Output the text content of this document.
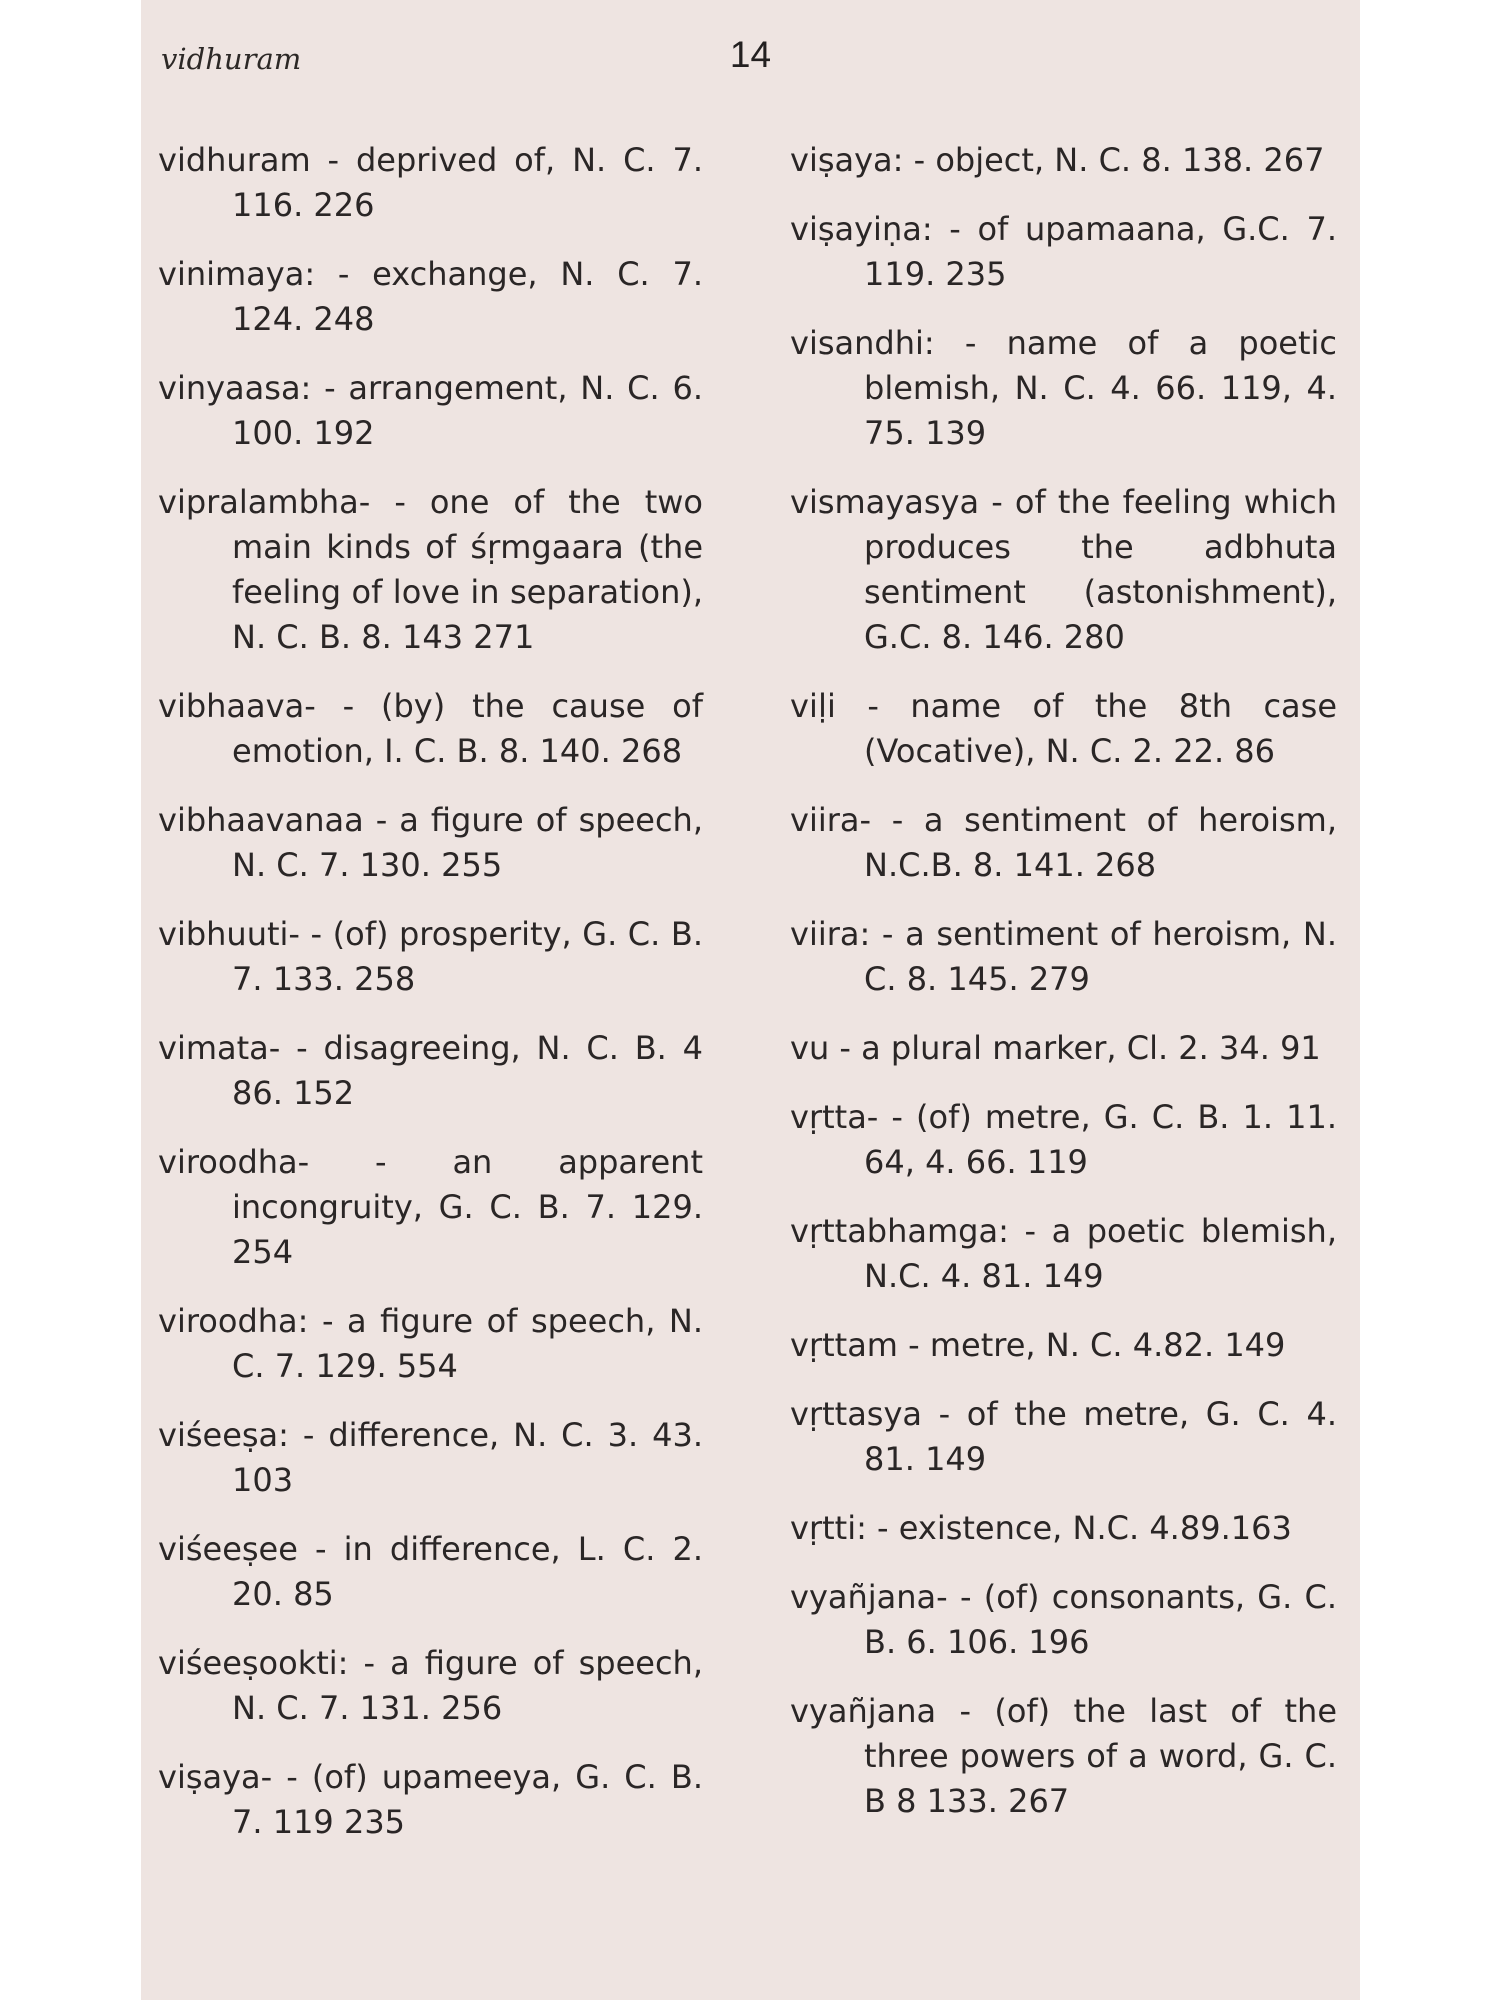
vidhuram	14
vidhuram - deprived of, N. C. 7. 116. 226
vinimaya: - exchange, N. C. 7. 124. 248
vinyaasa: - arrangement, N. C. 6. 100. 192
vipralambha- - one of the two main kinds of śṛmgaara (the feeling of love in separation), N. C. B. 8. 143 271
vibhaava- - (by) the cause of emotion, I. C. B. 8. 140. 268
vibhaavanaa - a figure of speech, N. C. 7. 130. 255
vibhuuti- - (of) prosperity, G. C. B. 7. 133. 258
vimata- - disagreeing, N. C. B. 4 86. 152
viroodha- - an apparent incongruity, G. C. B. 7. 129. 254
viroodha: - a figure of speech, N. C. 7. 129. 554
viśeeṣa: - difference, N. C. 3. 43. 103
viśeeṣee - in difference, L. C. 2. 20. 85
viśeeṣookti: - a figure of speech, N. C. 7. 131. 256
viṣaya- - (of) upameeya, G. C. B. 7. 119 235
viṣaya: - object, N. C. 8. 138. 267
viṣayiṇa: - of upamaana, G.C. 7. 119. 235
visandhi: - name of a poetic blemish, N. C. 4. 66. 119, 4. 75. 139
vismayasya - of the feeling which produces the adbhuta sentiment (astonishment), G.C. 8. 146. 280
viḷi - name of the 8th case (Vocative), N. C. 2. 22. 86
viira- - a sentiment of heroism, N.C.B. 8. 141. 268
viira: - a sentiment of heroism, N. C. 8. 145. 279
vu - a plural marker, Cl. 2. 34. 91
vṛtta- - (of) metre, G. C. B. 1. 11. 64, 4. 66. 119
vṛttabhamga: - a poetic blemish, N.C. 4. 81. 149
vṛttam - metre, N. C. 4.82. 149
vṛttasya - of the metre, G. C. 4. 81. 149
vṛtti: - existence, N.C. 4.89.163
vyañjana- - (of) consonants, G. C. B. 6. 106. 196
vyañjana - (of) the last of the three powers of a word, G. C. B 8 133. 267
